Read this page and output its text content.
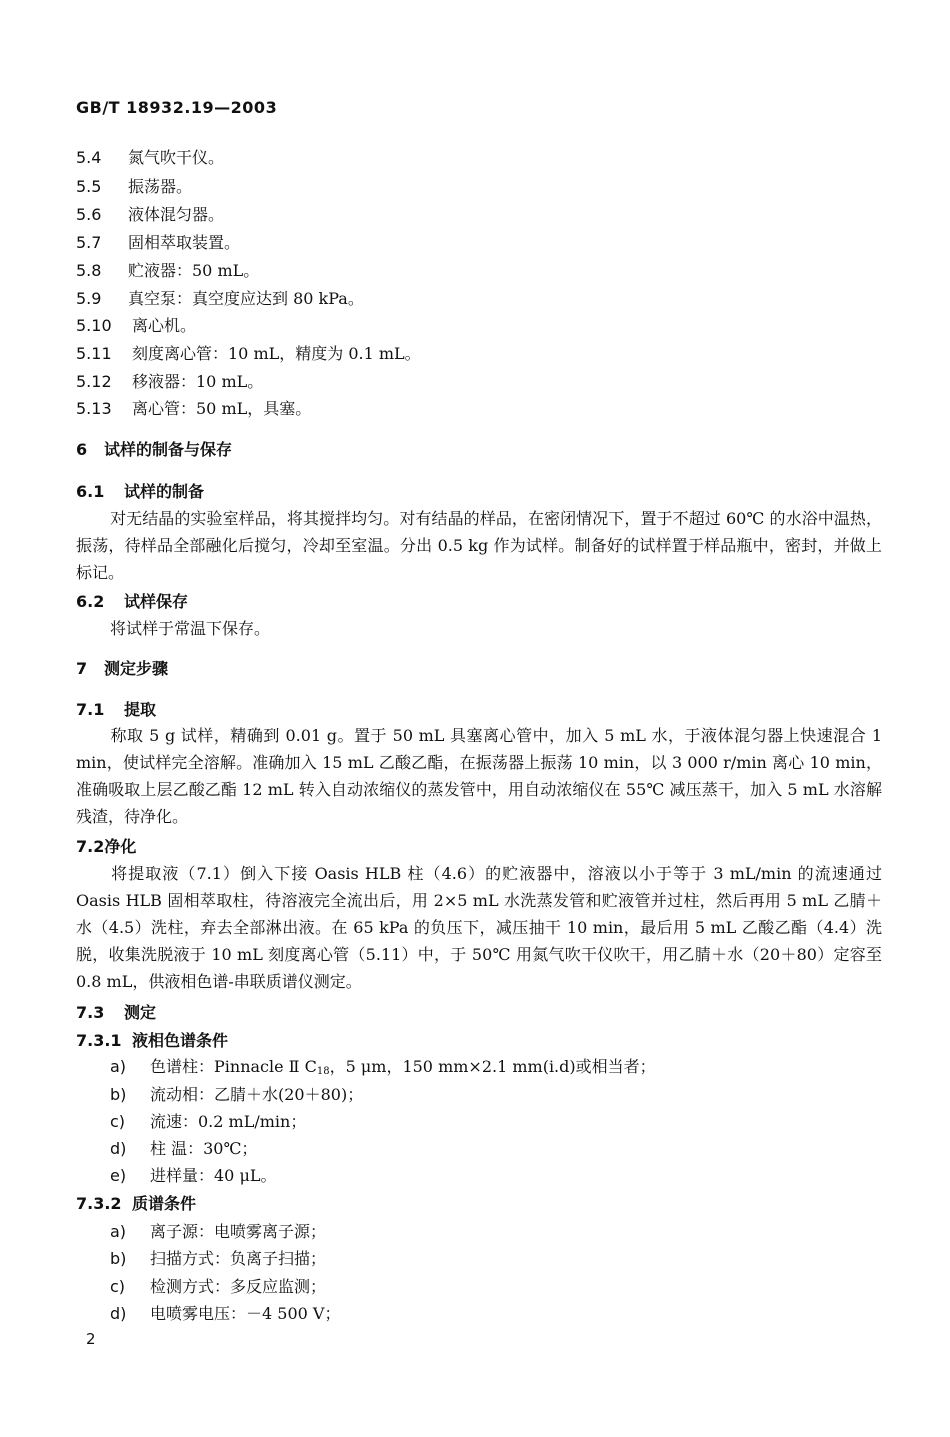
GB/T 18932.19—2003
5.4 氮气吹干仪。
5.5 振荡器。
5.6 液体混匀器。
5.7 固相萃取装置。
5.8 贮液器：50 mL。
5.9 真空泵：真空度应达到 80 kPa。
5.10 离心机。
5.11 刻度离心管：10 mL，精度为 0.1 mL。
5.12 移液器：10 mL。
5.13 离心管：50 mL，具塞。
6 试样的制备与保存
6.1 试样的制备
对无结晶的实验室样品，将其搅拌均匀。对有结晶的样品，在密闭情况下，置于不超过 60℃ 的水浴中温热，振荡，待样品全部融化后搅匀，冷却至室温。分出 0.5 kg 作为试样。制备好的试样置于样品瓶中，密封，并做上标记。
6.2 试样保存
将试样于常温下保存。
7 测定步骤
7.1 提取
称取 5 g 试样，精确到 0.01 g。置于 50 mL 具塞离心管中，加入 5 mL 水，于液体混匀器上快速混合 1 min，使试样完全溶解。准确加入 15 mL 乙酸乙酯，在振荡器上振荡 10 min，以 3 000 r/min 离心 10 min，准确吸取上层乙酸乙酯 12 mL 转入自动浓缩仪的蒸发管中，用自动浓缩仪在 55℃ 减压蒸干，加入 5 mL 水溶解残渣，待净化。
7.2净化
将提取液（7.1）倒入下接 Oasis HLB 柱（4.6）的贮液器中，溶液以小于等于 3 mL/min 的流速通过 Oasis HLB 固相萃取柱，待溶液完全流出后，用 2×5 mL 水洗蒸发管和贮液管并过柱，然后再用 5 mL 乙腈＋水（4.5）洗柱，弃去全部淋出液。在 65 kPa 的负压下，减压抽干 10 min，最后用 5 mL 乙酸乙酯（4.4）洗脱，收集洗脱液于 10 mL 刻度离心管（5.11）中，于 50℃ 用氮气吹干仪吹干，用乙腈＋水（20＋80）定容至 0.8 mL，供液相色谱-串联质谱仪测定。
7.3 测定
7.3.1 液相色谱条件
a) 色谱柱：Pinnacle Ⅱ $C_{18}$，5 μm，150 mm×2.1 mm(i.d)或相当者；
b) 流动相：乙腈＋水(20＋80)；
c) 流速：0.2 mL/min；
d) 柱 温：30℃；
e) 进样量：40 μL。
7.3.2 质谱条件
a) 离子源：电喷雾离子源；
b) 扫描方式：负离子扫描；
c) 检测方式：多反应监测；
d) 电喷雾电压：－4 500 V；
2
